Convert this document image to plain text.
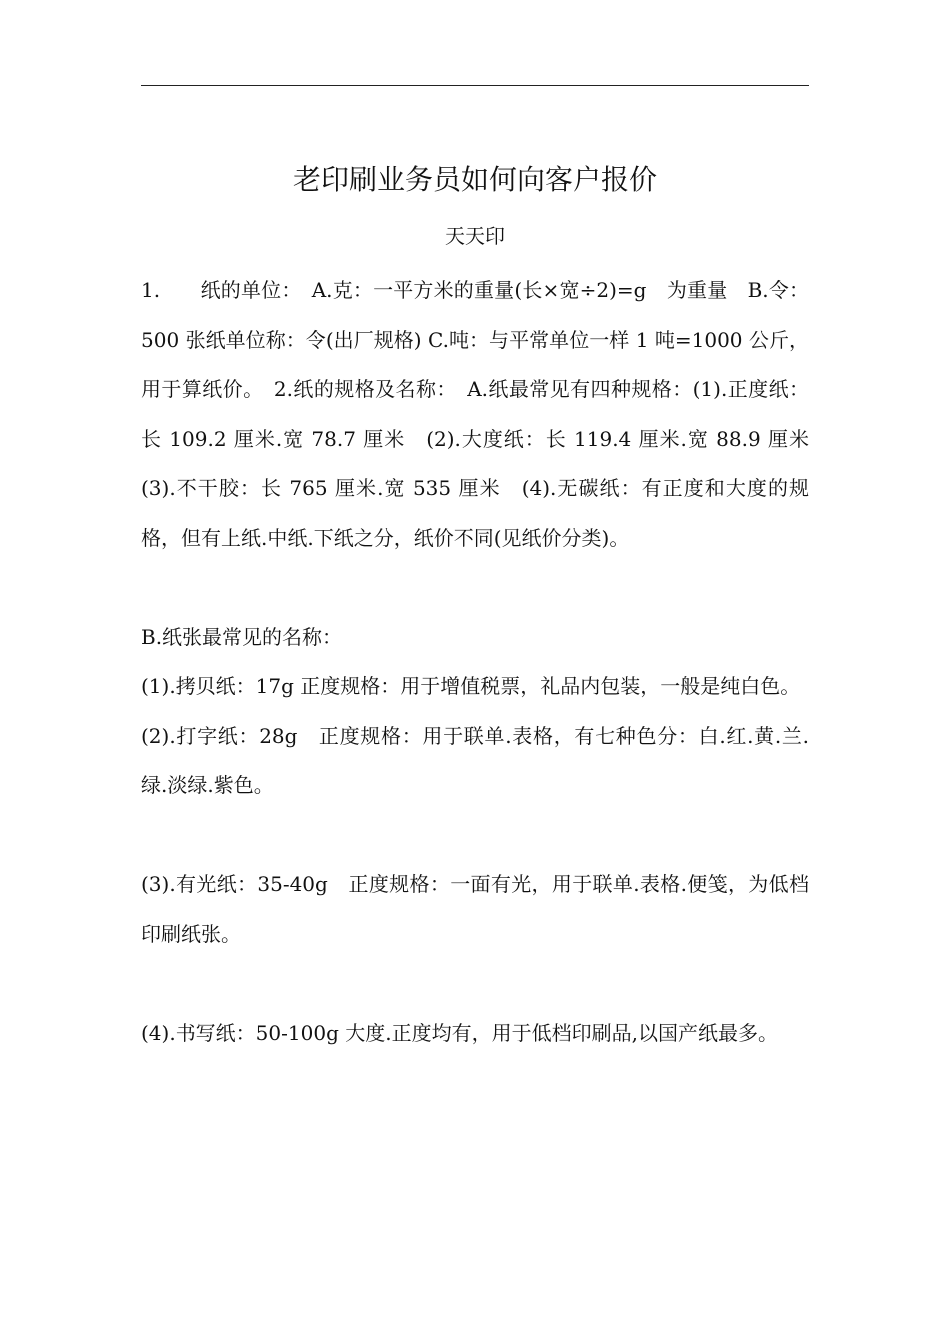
老印刷业务员如何向客户报价
天天印

1.　　纸的单位：　A.克：一平方米的重量(长×宽÷2)=g　为重量　B.令：500 张纸单位称：令(出厂规格) C.吨：与平常单位一样 1 吨=1000 公斤，用于算纸价。　2.纸的规格及名称：　A.纸最常见有四种规格：(1).正度纸：长 109.2 厘米.宽 78.7 厘米　(2).大度纸：长 119.4 厘米.宽 88.9 厘米　(3).不干胶：长 765 厘米.宽 535 厘米　(4).无碳纸：有正度和大度的规格，但有上纸.中纸.下纸之分，纸价不同(见纸价分类)。

B.纸张最常见的名称：

(1).拷贝纸：17g 正度规格：用于增值税票，礼品内包装，一般是纯白色。

(2).打字纸：28g　正度规格：用于联单.表格，有七种色分：白.红.黄.兰.绿.淡绿.紫色。

(3).有光纸：35-40g　正度规格：一面有光，用于联单.表格.便笺，为低档印刷纸张。

(4).书写纸：50-100g 大度.正度均有，用于低档印刷品,以国产纸最多。
